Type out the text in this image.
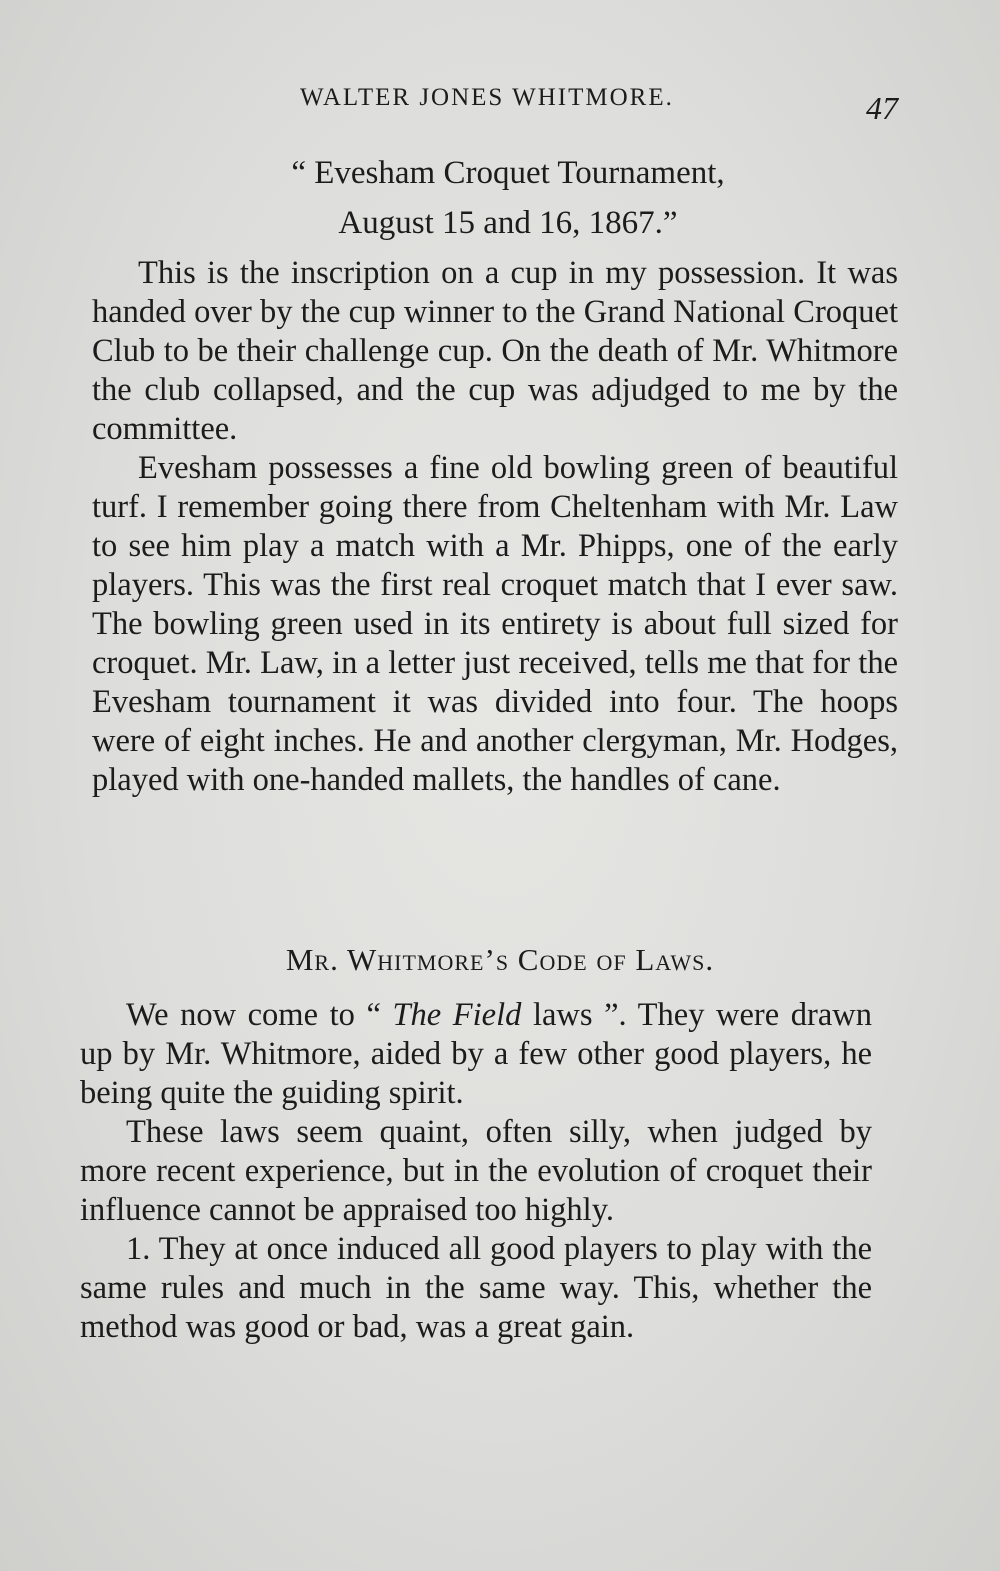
WALTER JONES WHITMORE.	47
“ Evesham Croquet Tournament,
August 15 and 16, 1867.”

This is the inscription on a cup in my possession. It was handed over by the cup winner to the Grand National Croquet Club to be their challenge cup. On the death of Mr. Whitmore the club collapsed, and the cup was adjudged to me by the committee.

Evesham possesses a fine old bowling green of beautiful turf. I remember going there from Cheltenham with Mr. Law to see him play a match with a Mr. Phipps, one of the early players. This was the first real croquet match that I ever saw. The bowling green used in its entirety is about full sized for croquet. Mr. Law, in a letter just received, tells me that for the Evesham tournament it was divided into four. The hoops were of eight inches. He and another clergyman, Mr. Hodges, played with one-handed mallets, the handles of cane.

Mr. Whitmore’s Code of Laws.

We now come to “ The Field laws ”. They were drawn up by Mr. Whitmore, aided by a few other good players, he being quite the guiding spirit.

These laws seem quaint, often silly, when judged by more recent experience, but in the evolution of croquet their influence cannot be appraised too highly.

1. They at once induced all good players to play with the same rules and much in the same way. This, whether the method was good or bad, was a great gain.
